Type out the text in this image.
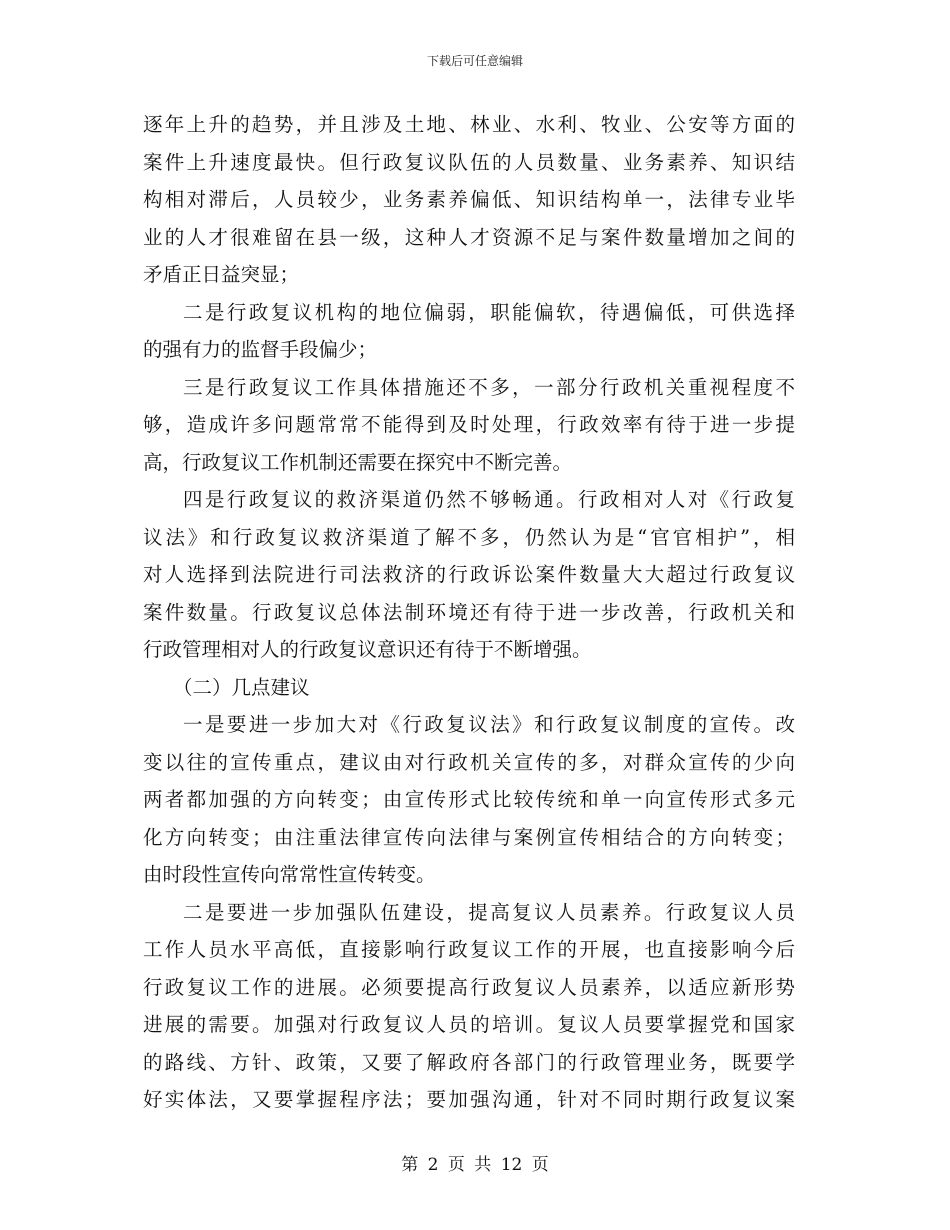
下载后可任意编辑
逐年上升的趋势，并且涉及土地、林业、水利、牧业、公安等方面的
案件上升速度最快。但行政复议队伍的人员数量、业务素养、知识结
构相对滞后，人员较少，业务素养偏低、知识结构单一，法律专业毕
业的人才很难留在县一级，这种人才资源不足与案件数量增加之间的
矛盾正日益突显；
二是行政复议机构的地位偏弱，职能偏软，待遇偏低，可供选择
的强有力的监督手段偏少；
三是行政复议工作具体措施还不多，一部分行政机关重视程度不
够，造成许多问题常常不能得到及时处理，行政效率有待于进一步提
高，行政复议工作机制还需要在探究中不断完善。
四是行政复议的救济渠道仍然不够畅通。行政相对人对《行政复
议法》和行政复议救济渠道了解不多，仍然认为是“官官相护”，相
对人选择到法院进行司法救济的行政诉讼案件数量大大超过行政复议
案件数量。行政复议总体法制环境还有待于进一步改善，行政机关和
行政管理相对人的行政复议意识还有待于不断增强。
（二）几点建议
一是要进一步加大对《行政复议法》和行政复议制度的宣传。改
变以往的宣传重点，建议由对行政机关宣传的多，对群众宣传的少向
两者都加强的方向转变；由宣传形式比较传统和单一向宣传形式多元
化方向转变；由注重法律宣传向法律与案例宣传相结合的方向转变；
由时段性宣传向常常性宣传转变。
二是要进一步加强队伍建设，提高复议人员素养。行政复议人员
工作人员水平高低，直接影响行政复议工作的开展，也直接影响今后
行政复议工作的进展。必须要提高行政复议人员素养，以适应新形势
进展的需要。加强对行政复议人员的培训。复议人员要掌握党和国家
的路线、方针、政策，又要了解政府各部门的行政管理业务，既要学
好实体法，又要掌握程序法；要加强沟通，针对不同时期行政复议案
第 2 页 共 12 页
